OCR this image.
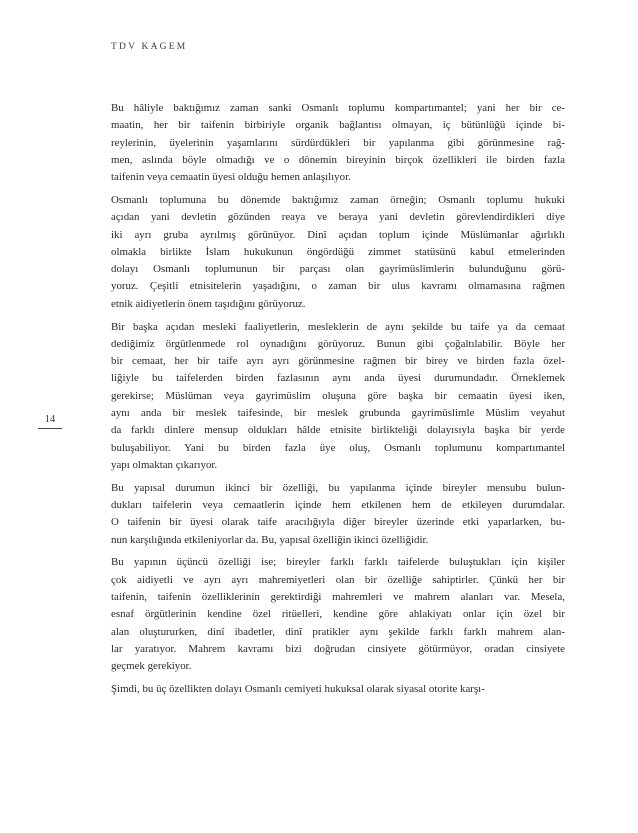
TDV KAGEM
14

Bu hâliyle baktığımız zaman sanki Osmanlı toplumu kompartımantel; yani her bir ce-
maatin, her bir taifenin birbiriyle organik bağlantısı olmayan, iç bütünlüğü içinde bi-
reylerinin, üyelerinin yaşamlarını sürdürdükleri bir yapılanma gibi görünmesine rağ-
men, aslında böyle olmadığı ve o dönemin bireyinin birçok özellikleri ile birden fazla
taifenin veya cemaatin üyesi olduğu hemen anlaşılıyor.

Osmanlı toplumuna bu dönemde baktığımız zaman örneğin; Osmanlı toplumu hukuki
açıdan yani devletin gözünden reaya ve beraya yani devletin görevlendirdikleri diye
iki ayrı gruba ayrılmış görünüyor. Dinî açıdan toplum içinde Müslümanlar ağırlıklı
olmakla birlikte İslam hukukunun öngördüğü zimmet statüsünü kabul etmelerinden
dolayı Osmanlı toplumunun bir parçası olan gayrimüslimlerin bulunduğunu görü-
yoruz. Çeşitli etnisitelerin yaşadığını, o zaman bir ulus kavramı olmamasına rağmen
etnik aidiyetlerin önem taşıdığını görüyoruz.

Bir başka açıdan mesleki faaliyetlerin, mesleklerin de aynı şekilde bu taife ya da cemaat
dediğimiz örgütlenmede rol oynadığını görüyoruz. Bunun gibi çoğaltılabilir. Böyle her
bir cemaat, her bir taife ayrı ayrı görünmesine rağmen bir birey ve birden fazla özel-
liğiyle bu taifelerden birden fazlasının aynı anda üyesi durumundadır. Örneklemek
gerekirse; Müslüman veya gayrimüslim oluşuna göre başka bir cemaatin üyesi iken,
aynı anda bir meslek taifesinde, bir meslek grubunda gayrimüslimle Müslim veyahut
da farklı dinlere mensup oldukları hâlde etnisite birlikteliği dolayısıyla başka bir yerde
buluşabiliyor. Yani bu birden fazla üye oluş, Osmanlı toplumunu kompartımantel
yapı olmaktan çıkarıyor.

Bu yapısal durumun ikinci bir özelliği, bu yapılanma içinde bireyler mensubu bulun-
dukları taifelerin veya cemaatlerin içinde hem etkilenen hem de etkileyen durumdalar.
O taifenin bir üyesi olarak taife aracılığıyla diğer bireyler üzerinde etki yaparlarken, bu-
nun karşılığında etkileniyorlar da. Bu, yapısal özelliğin ikinci özelliğidir.

Bu yapının üçüncü özelliği ise; bireyler farklı farklı taifelerde buluştukları için kişiler
çok aidiyetli ve ayrı ayrı mahremiyetleri olan bir özelliğe sahiptirler. Çünkü her bir
taifenin, taifenin özelliklerinin gerektirdiği mahremleri ve mahrem alanları var. Mesela,
esnaf örgütlerinin kendine özel ritüelleri, kendine göre ahlakiyatı onlar için özel bir
alan oluştururken, dinî ibadetler, dinî pratikler aynı şekilde farklı farklı mahrem alan-
lar yaratıyor. Mahrem kavramı bizi doğrudan cinsiyete götürmüyor, oradan cinsiyete
geçmek gerekiyor.

Şimdi, bu üç özellikten dolayı Osmanlı cemiyeti hukuksal olarak siyasal otorite karşı-
